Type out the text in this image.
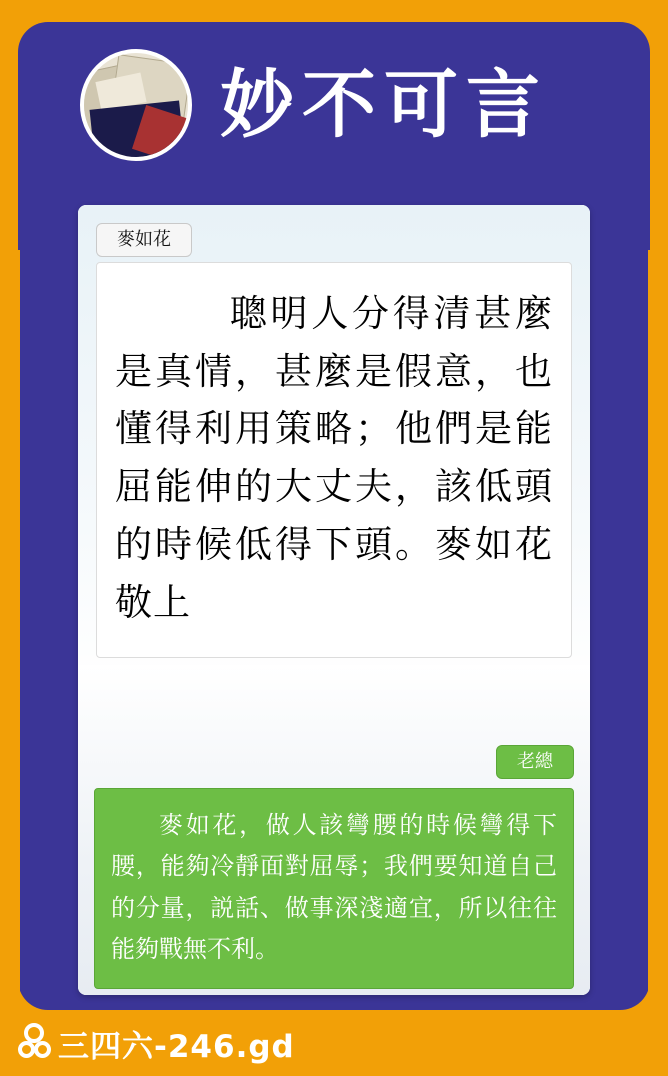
妙不可言
麥如花
　聰明人分得清甚麼是真情，甚麼是假意，也懂得利用策略；他們是能屈能伸的大丈夫，該低頭的時候低得下頭。麥如花 敬上
老總
麥如花，做人該彎腰的時候彎得下腰，能夠冷靜面對屈辱；我們要知道自己的分量，説話、做事深淺適宜，所以往往能夠戰無不利。
三四六-246.gd
